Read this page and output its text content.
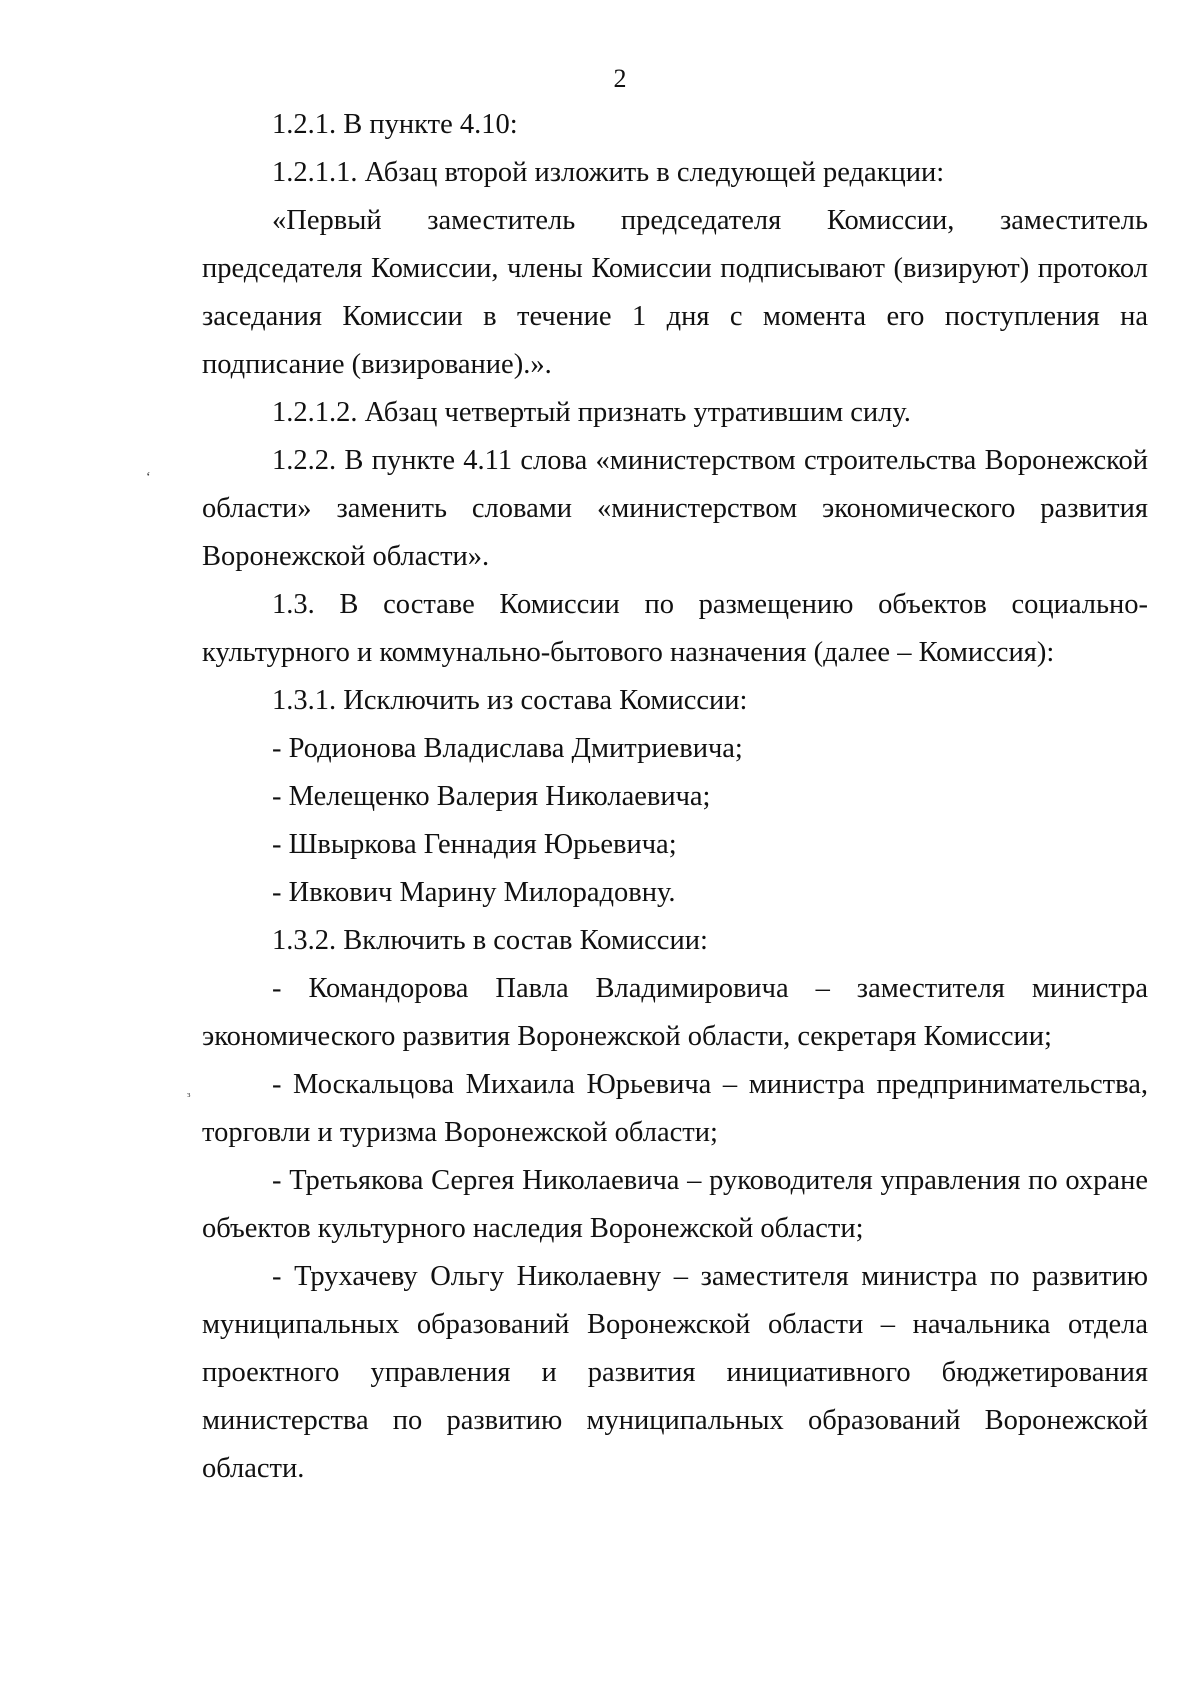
2

1.2.1. В пункте 4.10:

1.2.1.1. Абзац второй изложить в следующей редакции:

«Первый заместитель председателя Комиссии, заместитель председателя Комиссии, члены Комиссии подписывают (визируют) протокол заседания Комиссии в течение 1 дня с момента его поступления на подписание (визирование).».

1.2.1.2. Абзац четвертый признать утратившим силу.

1.2.2. В пункте 4.11 слова «министерством строительства Воронежской области» заменить словами «министерством экономического развития Воронежской области».

1.3. В составе Комиссии по размещению объектов социально-культурного и коммунально-бытового назначения (далее – Комиссия):

1.3.1. Исключить из состава Комиссии:

- Родионова Владислава Дмитриевича;

- Мелещенко Валерия Николаевича;

- Швыркова Геннадия Юрьевича;

- Ивкович Марину Милорадовну.

1.3.2. Включить в состав Комиссии:

- Командорова Павла Владимировича – заместителя министра экономического развития Воронежской области, секретаря Комиссии;

- Москальцова Михаила Юрьевича – министра предпринимательства, торговли и туризма Воронежской области;

- Третьякова Сергея Николаевича – руководителя управления по охране объектов культурного наследия Воронежской области;

- Трухачеву Ольгу Николаевну – заместителя министра по развитию муниципальных образований Воронежской области – начальника отдела проектного управления и развития инициативного бюджетирования министерства по развитию муниципальных образований Воронежской области.

‘
ᵌ
